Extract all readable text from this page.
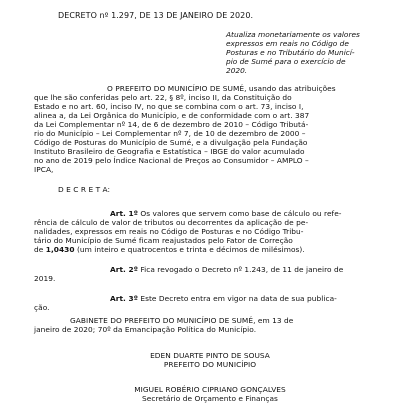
DECRETO nº 1.297, DE 13 DE JANEIRO DE 2020.
Atualiza monetariamente os valores
expressos em reais no Código de
Posturas e no Tributário do Municí-
pio de Sumé para o exercício de
2020.
O PREFEITO DO MUNICÍPIO DE SUMÉ, usando das atribuições
que lhe são conferidas pelo art. 22, § 8º, inciso II, da Constituição do
Estado e no art. 60, inciso IV, no que se combina com o art. 73, inciso I,
alinea a, da Lei Orgânica do Município, e de conformidade com o art. 387
da Lei Complementar nº 14, de 6 de dezembro de 2010 – Código Tributá-
rio do Município – Lei Complementar nº 7, de 10 de dezembro de 2000 –
Código de Posturas do Município de Sumé, e a divulgação pela Fundação
Instituto Brasileiro de Geografia e Estatística – IBGE do valor acumulado
no ano de 2019 pelo Índice Nacional de Preços ao Consumidor – AMPLO –
IPCA,
D E C R E T A:
Art. 1º Os valores que servem como base de cálculo ou refe-
rência de cálculo de valor de tributos ou decorrentes da aplicação de pe-
nalidades, expressos em reais no Código de Posturas e no Código Tribu-
tário do Município de Sumé ficam reajustados pelo Fator de Correção
de 1,0430 (um inteiro e quatrocentos e trinta e décimos de milésimos).
Art. 2º Fica revogado o Decreto nº 1.243, de 11 de janeiro de
2019.
Art. 3º Este Decreto entra em vigor na data de sua publica-
ção.
GABINETE DO PREFEITO DO MUNICÍPIO DE SUMÉ, em 13 de
janeiro de 2020; 70º da Emancipação Política do Município.
EDEN DUARTE PINTO DE SOUSA
PREFEITO DO MUNICÍPIO
MIGUEL ROBÉRIO CIPRIANO GONÇALVES
Secretário de Orçamento e Finanças
